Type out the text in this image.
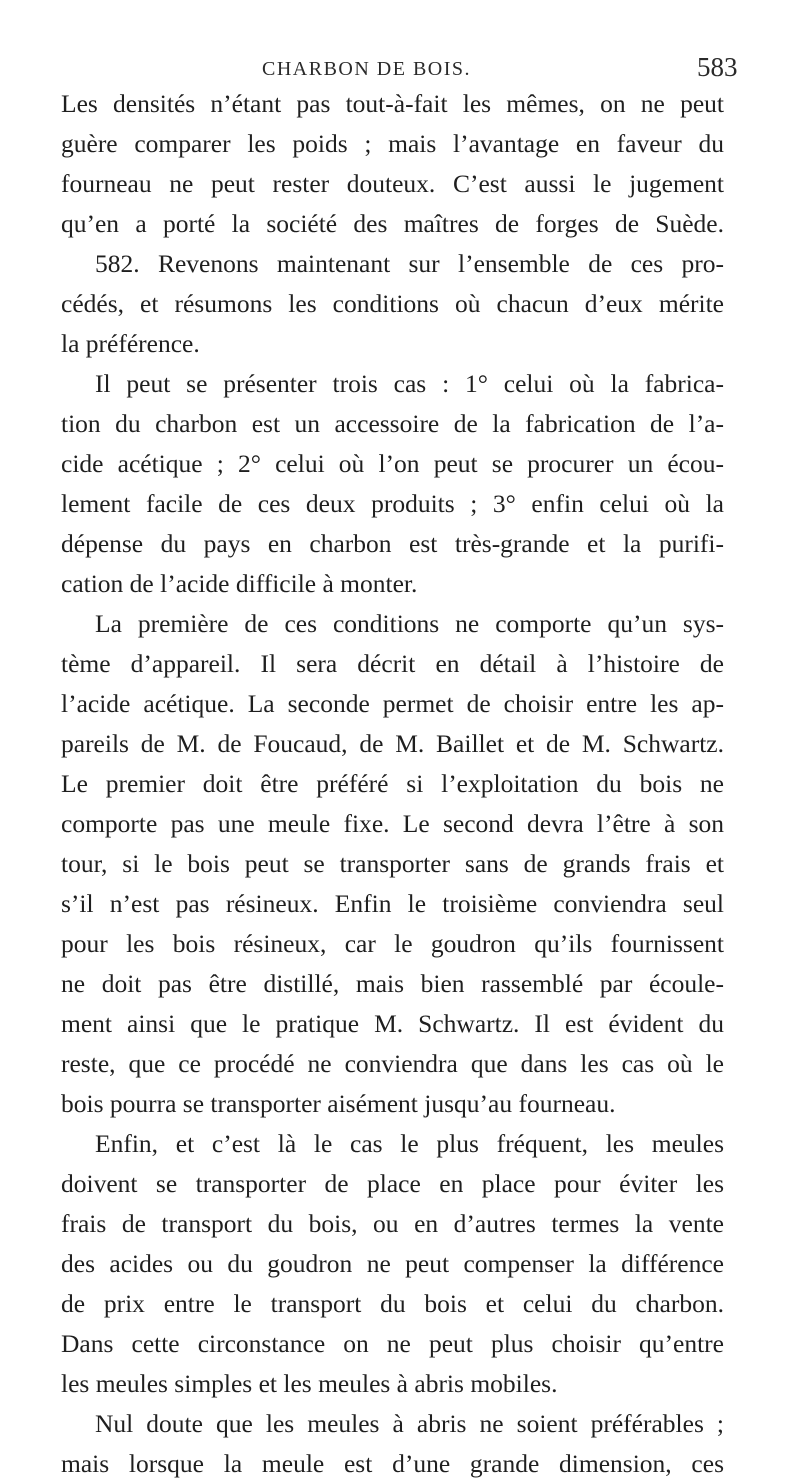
CHARBON DE BOIS.	583
Les densités n’étant pas tout-à-fait les mêmes, on ne peut
guère comparer les poids ; mais l’avantage en faveur du
fourneau ne peut rester douteux. C’est aussi le jugement
qu’en a porté la société des maîtres de forges de Suède.
582. Revenons maintenant sur l’ensemble de ces pro-
cédés, et résumons les conditions où chacun d’eux mérite
la préférence.
Il peut se présenter trois cas : 1° celui où la fabrica-
tion du charbon est un accessoire de la fabrication de l’a-
cide acétique ; 2° celui où l’on peut se procurer un écou-
lement facile de ces deux produits ; 3° enfin celui où la
dépense du pays en charbon est très-grande et la purifi-
cation de l’acide difficile à monter.
La première de ces conditions ne comporte qu’un sys-
tème d’appareil. Il sera décrit en détail à l’histoire de
l’acide acétique. La seconde permet de choisir entre les ap-
pareils de M. de Foucaud, de M. Baillet et de M. Schwartz.
Le premier doit être préféré si l’exploitation du bois ne
comporte pas une meule fixe. Le second devra l’être à son
tour, si le bois peut se transporter sans de grands frais et
s’il n’est pas résineux. Enfin le troisième conviendra seul
pour les bois résineux, car le goudron qu’ils fournissent
ne doit pas être distillé, mais bien rassemblé par écoule-
ment ainsi que le pratique M. Schwartz. Il est évident du
reste, que ce procédé ne conviendra que dans les cas où le
bois pourra se transporter aisément jusqu’au fourneau.
Enfin, et c’est là le cas le plus fréquent, les meules
doivent se transporter de place en place pour éviter les
frais de transport du bois, ou en d’autres termes la vente
des acides ou du goudron ne peut compenser la différence
de prix entre le transport du bois et celui du charbon.
Dans cette circonstance on ne peut plus choisir qu’entre
les meules simples et les meules à abris mobiles.
Nul doute que les meules à abris ne soient préférables ;
mais lorsque la meule est d’une grande dimension, ces
